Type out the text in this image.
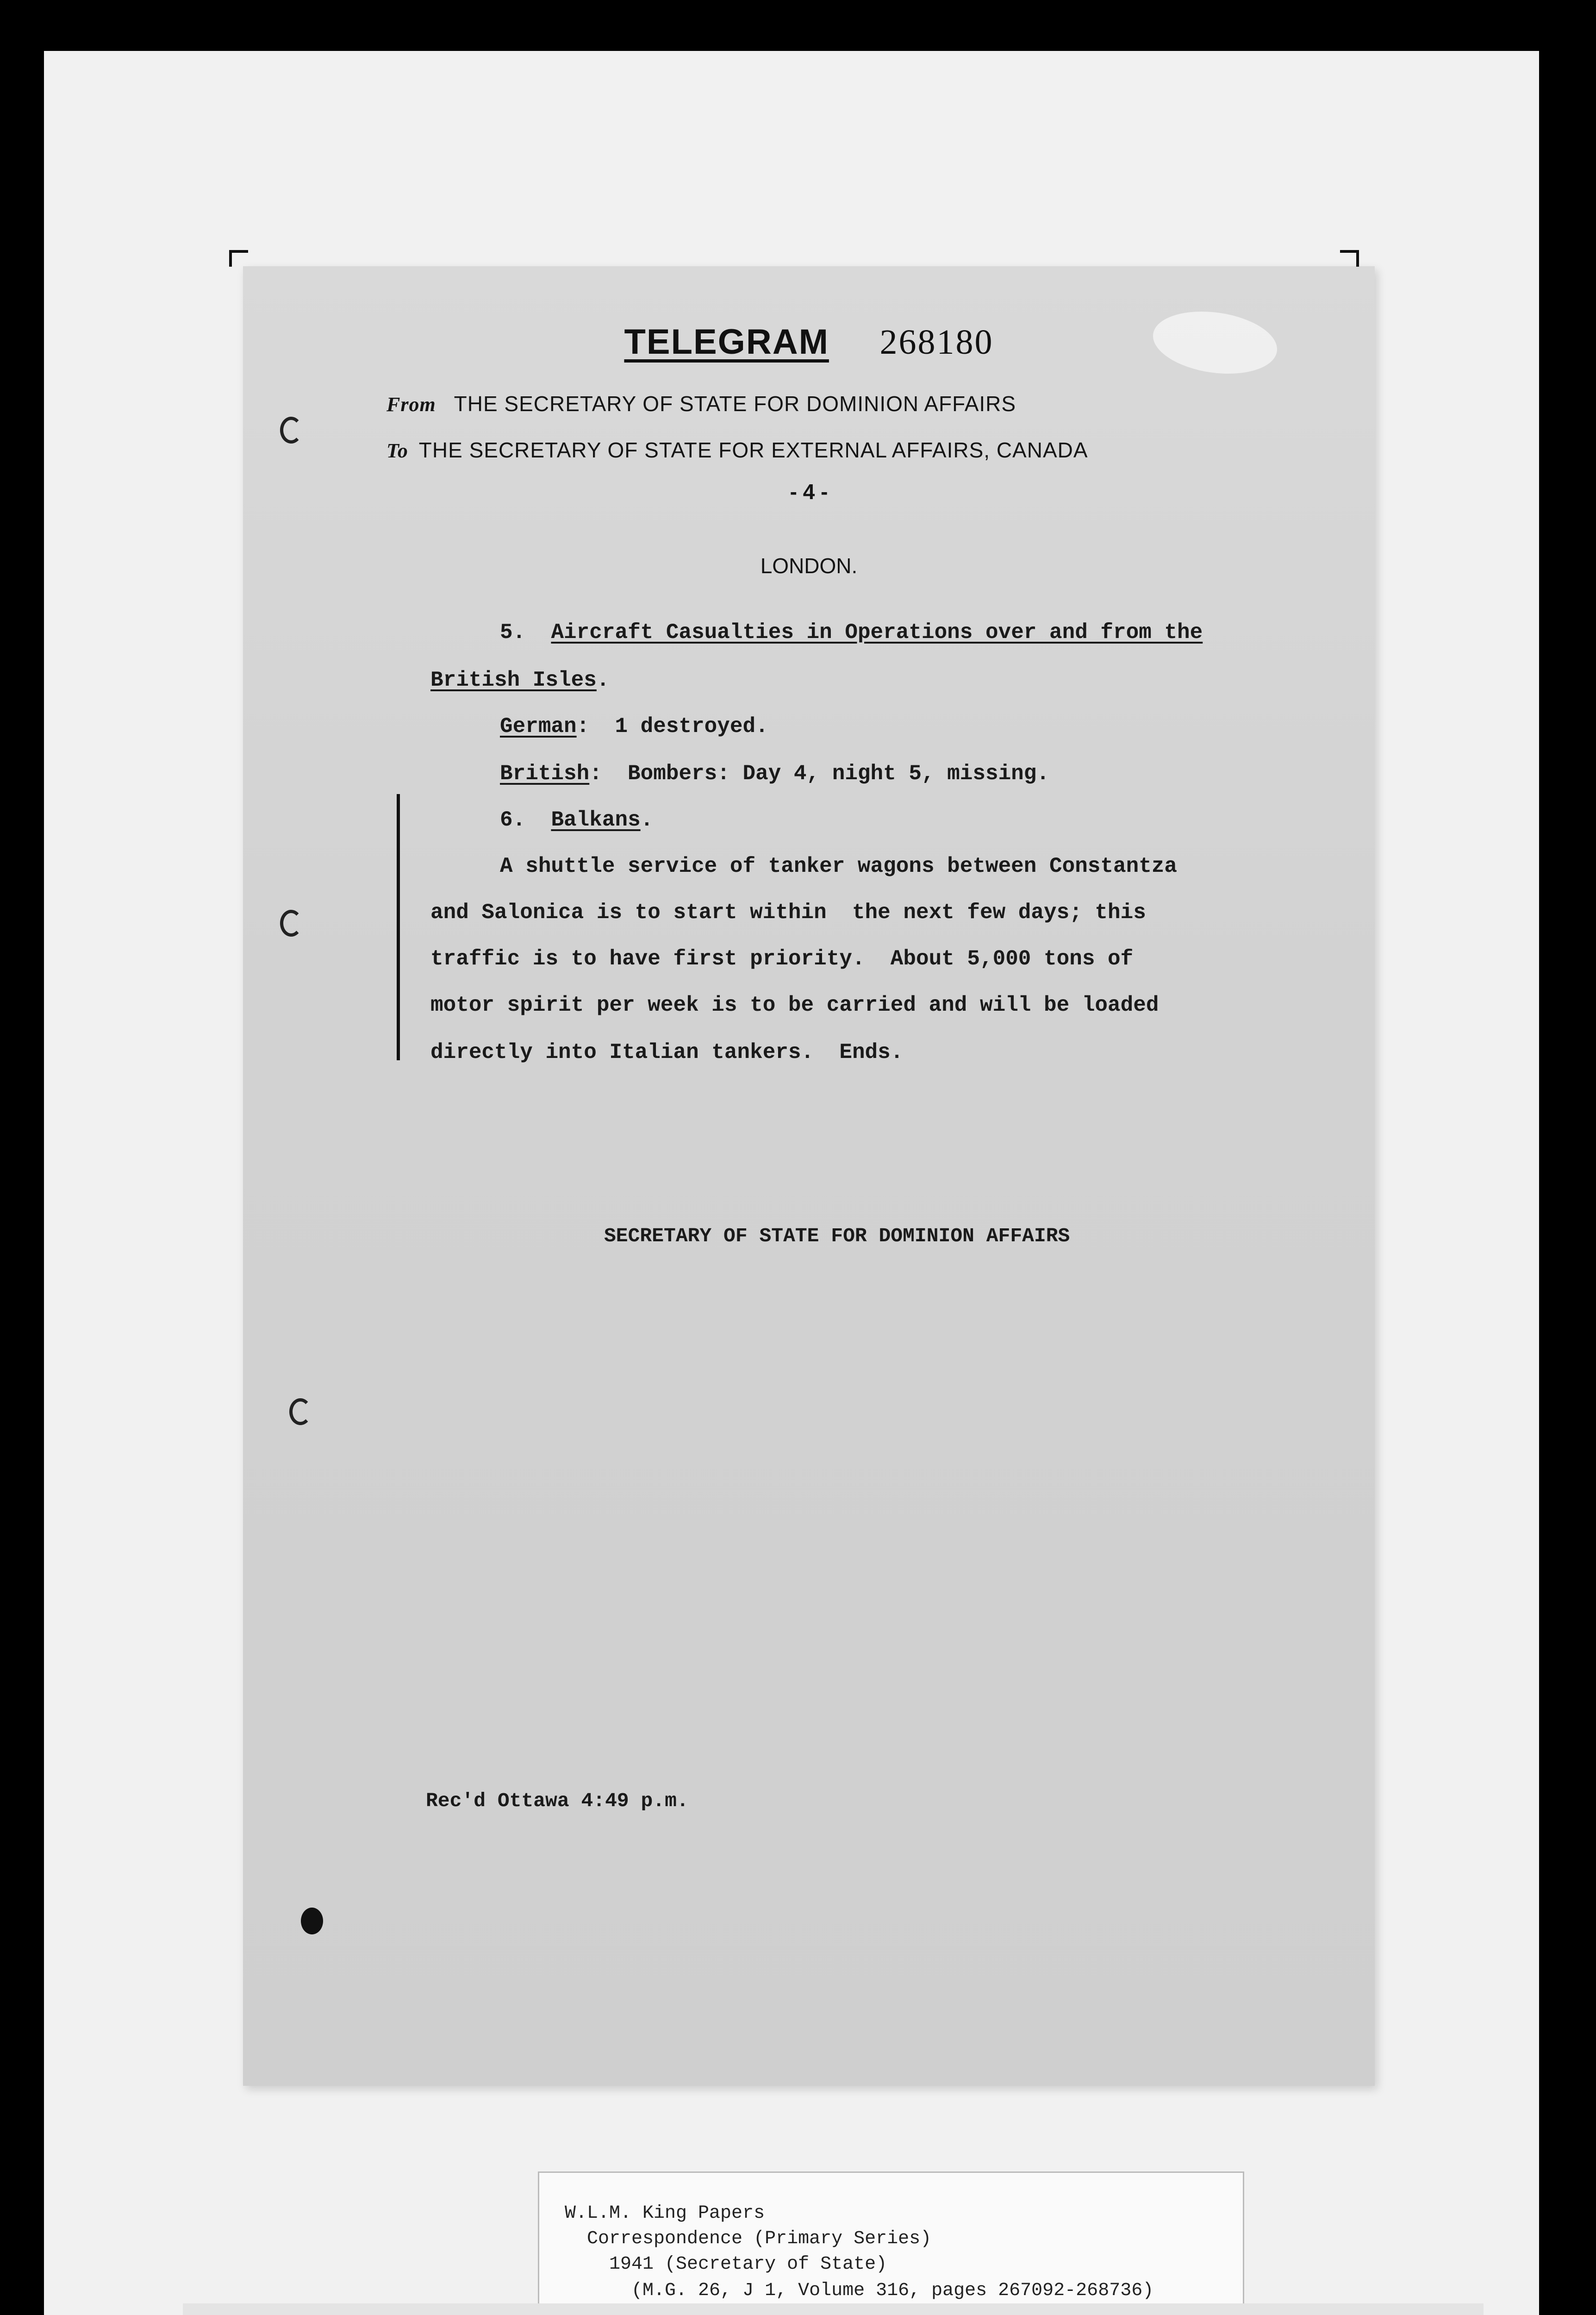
TELEGRAM 268180
From THE SECRETARY OF STATE FOR DOMINION AFFAIRS
To THE SECRETARY OF STATE FOR EXTERNAL AFFAIRS, CANADA
- 4 -
LONDON.
5. Aircraft Casualties in Operations over and from the
British Isles.
German:  1 destroyed.
British:  Bombers: Day 4, night 5, missing.
6. Balkans.
A shuttle service of tanker wagons between Constantza
and Salonica is to start within  the next few days; this
traffic is to have first priority.  About 5,000 tons of
motor spirit per week is to be carried and will be loaded
directly into Italian tankers.  Ends.
SECRETARY OF STATE FOR DOMINION AFFAIRS
Rec'd Ottawa 4:49 p.m.
W.L.M. King Papers
Correspondence (Primary Series)
1941 (Secretary of State)
(M.G. 26, J 1, Volume 316, pages 267092-268736)
